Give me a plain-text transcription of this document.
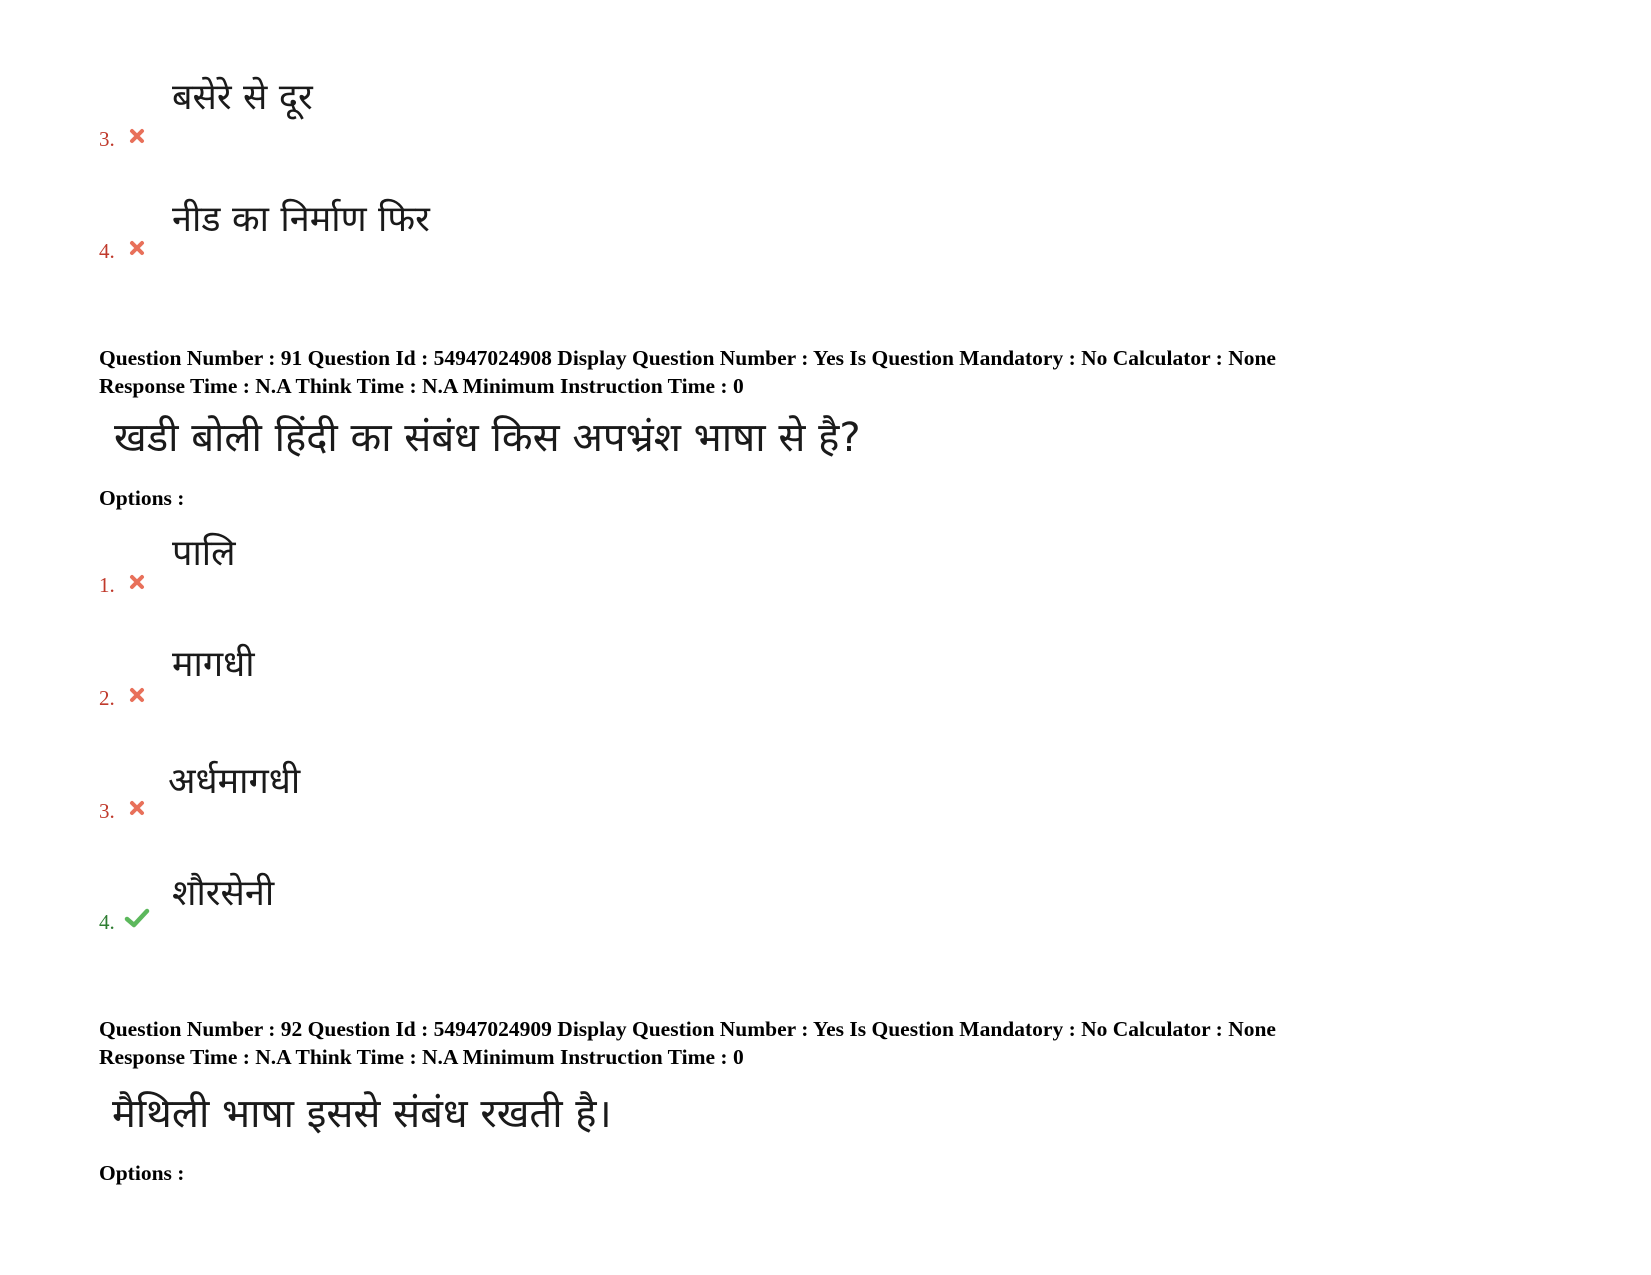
3.
बसेरे से दूर
4.
नीड का निर्माण फिर
Question Number : 91 Question Id : 54947024908 Display Question Number : Yes Is Question Mandatory : No Calculator : None
Response Time : N.A Think Time : N.A Minimum Instruction Time : 0
खडी बोली हिंदी का संबंध किस अपभ्रंश भाषा से है?
Options :
1.
पालि
2.
मागधी
3.
अर्धमागधी
4.
शौरसेनी
Question Number : 92 Question Id : 54947024909 Display Question Number : Yes Is Question Mandatory : No Calculator : None
Response Time : N.A Think Time : N.A Minimum Instruction Time : 0
मैथिली भाषा इससे संबंध रखती है।
Options :
